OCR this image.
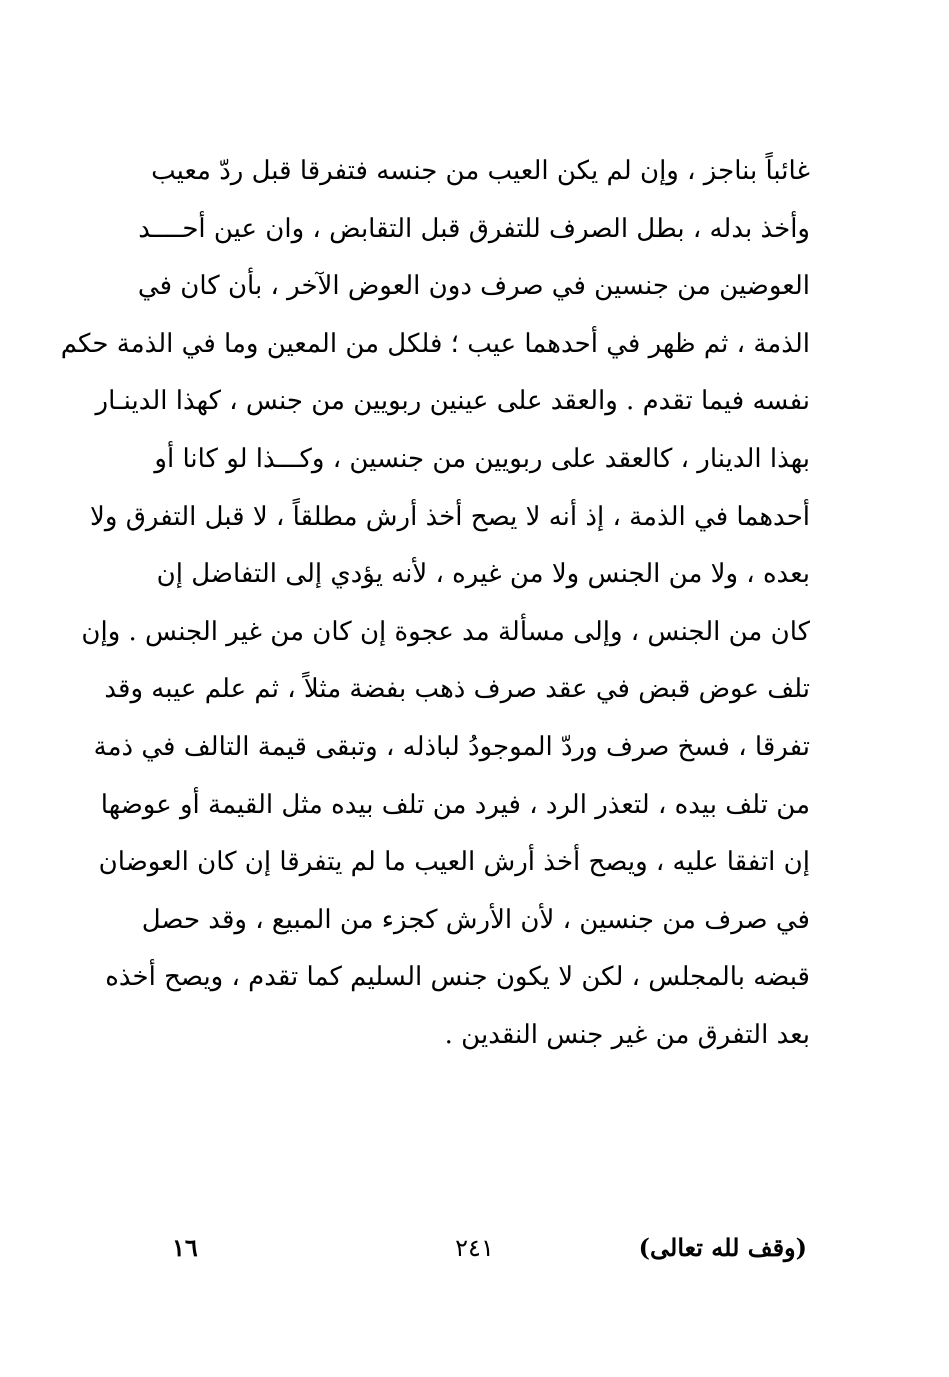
غائباً بناجز ، وإن لم يكن العيب من جنسه فتفرقا قبل ردّ معيب
وأخذ بدله ، بطل الصرف للتفرق قبل التقابض ، وان عين أحــــد
العوضين من جنسين في صرف دون العوض الآخر ، بأن كان في
الذمة ، ثم ظهر في أحدهما عيب ؛ فلكل من المعين وما في الذمة حكم
نفسه فيما تقدم . والعقد على عينين ربويين من جنس ، كهذا الدينـار
بهذا الدينار ، كالعقد على ربويين من جنسين ، وكـــذا لو كانا أو
أحدهما في الذمة ، إذ أنه لا يصح أخذ أرش مطلقاً ، لا قبل التفرق ولا
بعده ، ولا من الجنس ولا من غيره ، لأنه يؤدي إلى التفاضل إن
كان من الجنس ، وإلى مسألة مد عجوة إن كان من غير الجنس . وإن
تلف عوض قبض في عقد صرف ذهب بفضة مثلاً ، ثم علم عيبه وقد
تفرقا ، فسخ صرف وردّ الموجودُ لباذله ، وتبقى قيمة التالف في ذمة
من تلف بيده ، لتعذر الرد ، فيرد من تلف بيده مثل القيمة أو عوضها
إن اتفقا عليه ، ويصح أخذ أرش العيب ما لم يتفرقا إن كان العوضان
في صرف من جنسين ، لأن الأرش كجزء من المبيع ، وقد حصل
قبضه بالمجلس ، لكن لا يكون جنس السليم كما تقدم ، ويصح أخذه
بعد التفرق من غير جنس النقدين .
(وقف لله تعالى)
٢٤١
١٦
